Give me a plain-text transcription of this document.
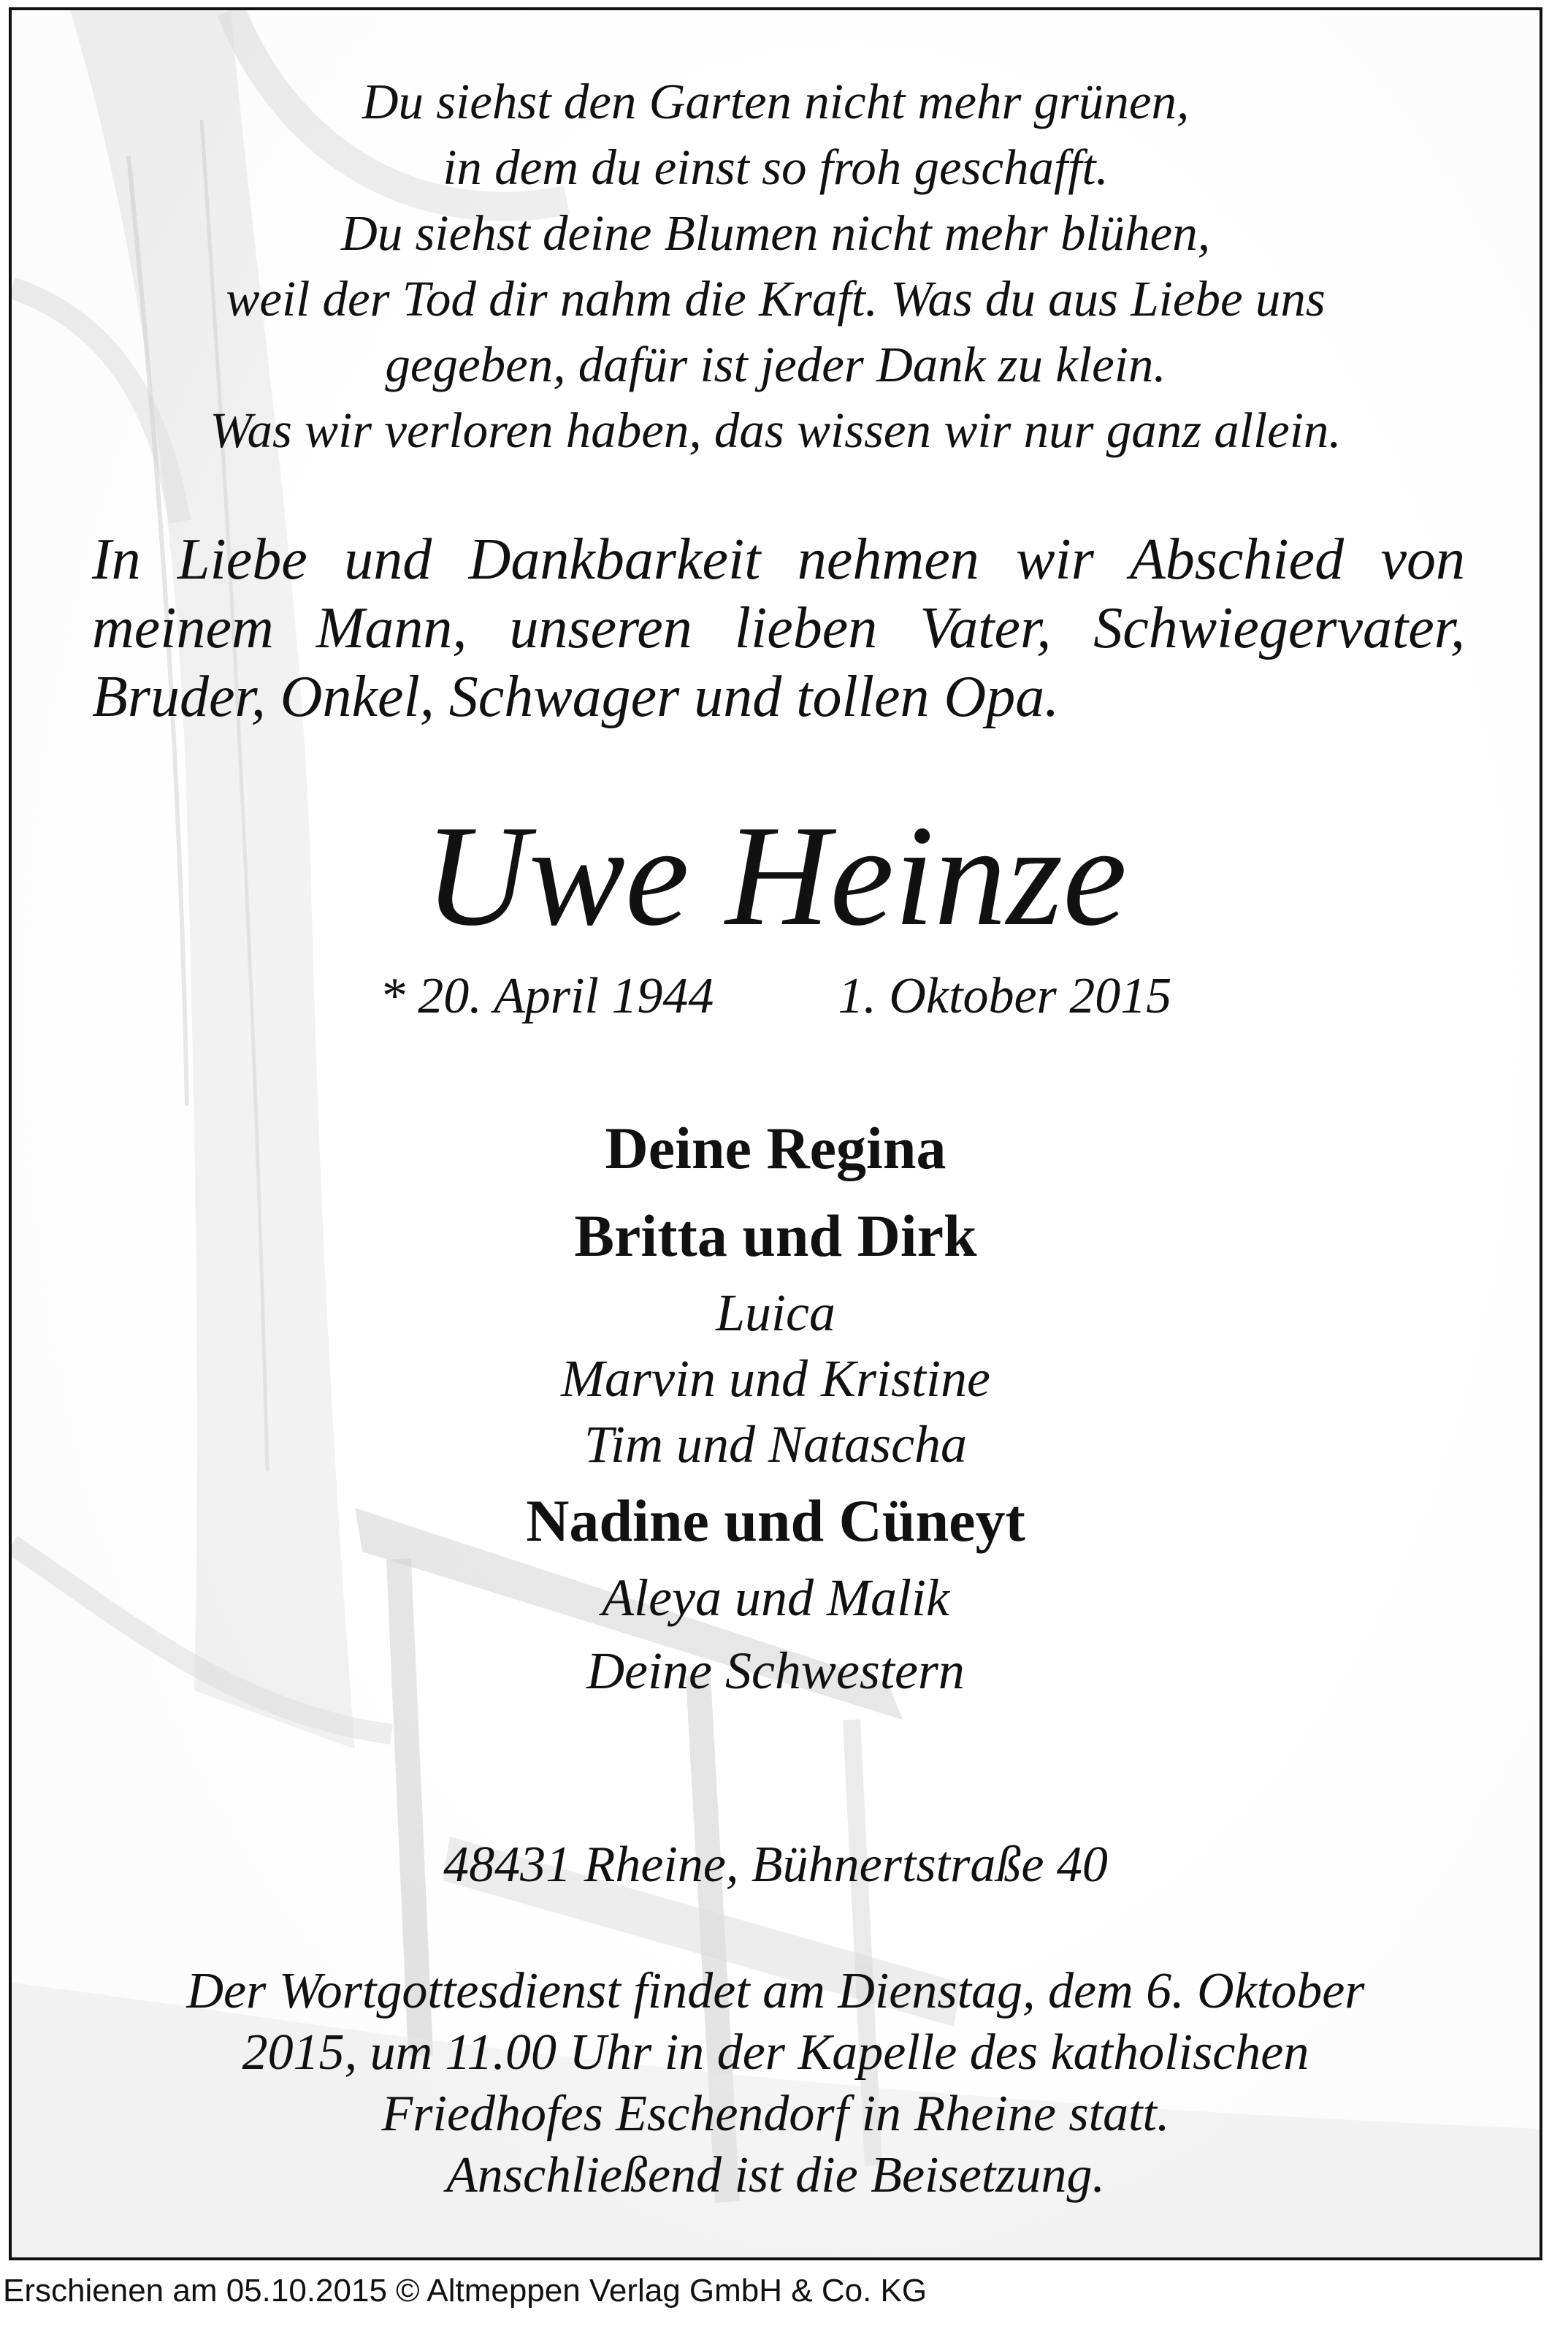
Du siehst den Garten nicht mehr grünen,
in dem du einst so froh geschafft.
Du siehst deine Blumen nicht mehr blühen,
weil der Tod dir nahm die Kraft. Was du aus Liebe uns
gegeben, dafür ist jeder Dank zu klein.
Was wir verloren haben, das wissen wir nur ganz allein.
In Liebe und Dankbarkeit nehmen wir Abschied von meinem Mann, unseren lieben Vater, Schwiegervater, Bruder, Onkel, Schwager und tollen Opa.
Uwe Heinze
* 20. April 1944 1. Oktober 2015
Deine Regina
Britta und Dirk
Luica
Marvin und Kristine
Tim und Natascha
Nadine und Cüneyt
Aleya und Malik
Deine Schwestern
48431 Rheine, Bühnertstraße 40
Der Wortgottesdienst findet am Dienstag, dem 6. Oktober
2015, um 11.00 Uhr in der Kapelle des katholischen
Friedhofes Eschendorf in Rheine statt.
Anschließend ist die Beisetzung.
Erschienen am 05.10.2015 © Altmeppen Verlag GmbH & Co. KG
